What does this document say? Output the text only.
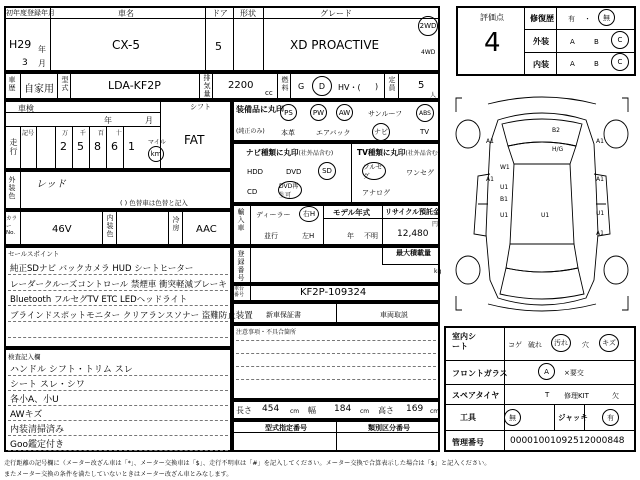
初年度登録年月	車名	ドア 形状	グレード
H29 年
3 月
CX-5	5	XD PROACTIVE
2WD
4WD
車歴 自家用 型式	LDA-KF2P	排気量 2200
cc
燃料 G D HV・( ) 定員 5
人
車検
年	月
記号	万 千 百 十
走行	2 5 8 6 1 マイル
km
シフト
FAT
外装色 レッド
( ) 色替車は色替と記入
カラー No.	46V	内装色	冷房 AAC
セールスポイント
純正SDナビ バックカメラ HUD シートヒーター
レーダークルーズコントロール 禁煙車 衝突軽減ブレーキ
Bluetooth フルセグTV ETC LEDヘッドライト
ブラインドスポットモニター クリアランスソナー 盗難防止装置
検査記入欄
ハンドル シフト・トリム スレ
シート スレ・シワ
各小A、小U
AWキズ
内装清掃済み
Goo鑑定付き
装備品に丸印
(純正のみ)
PS	PW AW	サンルーフ	ABS
本革	エアバック	ナビ	TV
ナビ種類に丸印(社外品含む)	TV種類に丸印(社外品含む)
HDD	DVD	SD
CD
DVD再生可
フルセグ	ワンセグ
アナログ
輸入車 ディーラー 右H
並行	左H
モデル年式
年 不明
リサイクル預託金
円
12,480
登録番号	最大積載量
kg
車台番号	KF2P-109324
新車保証書	車両取説
注意事項・不具合箇所
長さ 454 cm 幅 184 cm 高さ 169 cm
型式指定番号	類別区分番号
評価点
4
修復歴 有 ・ 無
外装	A	B	C
内装	A	B	C
A1	A1
B2
H/G
W1
U1
B1
U1
A1	A1
U1
U1
A1
室内シート	コゲ 破れ 汚れ 穴 キズ
フロントガラス	A ×要交
スペアタイヤ	T 修理KIT	欠
工具	無	ジャッキ	有
管理番号	00001001092512000848
走行距離の記号欄に（メーター改ざん車は「*」、メーター交換車は「$」、走行不明車は「#」を記入してください。メーター交換で合算表示した場合は「$」と記入ください。
またメーター交換の条件を満たしていないときはメーター改ざん車とみなします。
